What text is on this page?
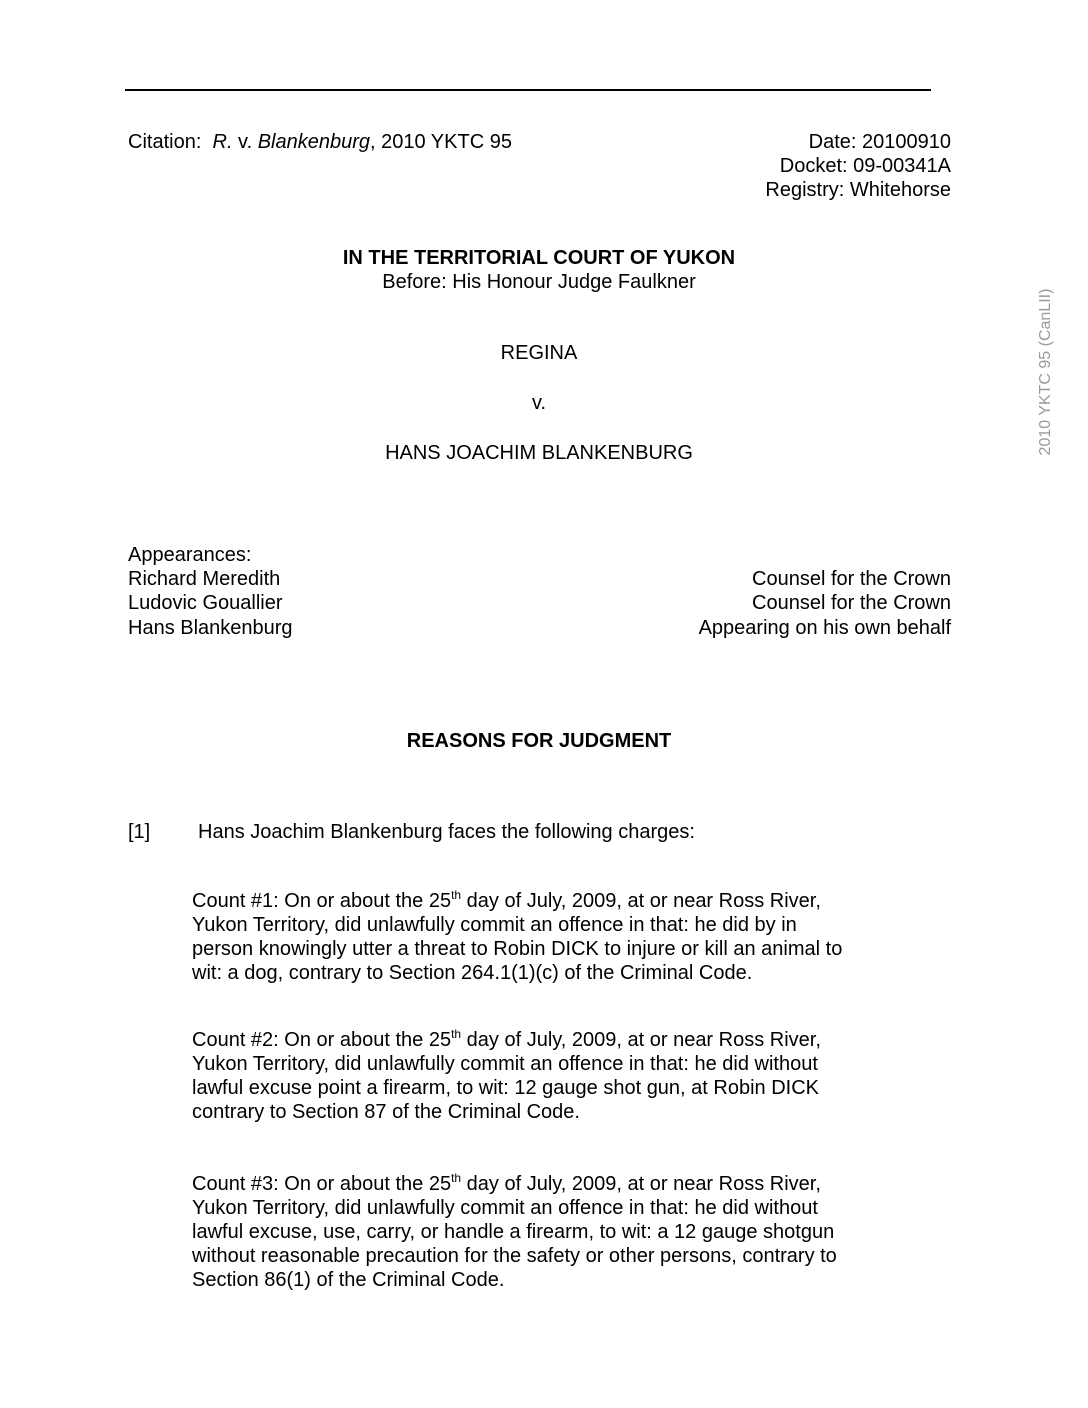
Citation: R. v. Blankenburg, 2010 YKTC 95	Date: 20100910
Docket: 09-00341A
Registry: Whitehorse
IN THE TERRITORIAL COURT OF YUKON
Before: His Honour Judge Faulkner
REGINA
v.
HANS JOACHIM BLANKENBURG
Appearances:
Richard Meredith	Counsel for the Crown
Ludovic Gouallier	Counsel for the Crown
Hans Blankenburg	Appearing on his own behalf
REASONS FOR JUDGMENT
[1] Hans Joachim Blankenburg faces the following charges:
Count #1: On or about the 25th day of July, 2009, at or near Ross River,
Yukon Territory, did unlawfully commit an offence in that: he did by in
person knowingly utter a threat to Robin DICK to injure or kill an animal to
wit: a dog, contrary to Section 264.1(1)(c) of the Criminal Code.
Count #2: On or about the 25th day of July, 2009, at or near Ross River,
Yukon Territory, did unlawfully commit an offence in that: he did without
lawful excuse point a firearm, to wit: 12 gauge shot gun, at Robin DICK
contrary to Section 87 of the Criminal Code.
Count #3: On or about the 25th day of July, 2009, at or near Ross River,
Yukon Territory, did unlawfully commit an offence in that: he did without
lawful excuse, use, carry, or handle a firearm, to wit: a 12 gauge shotgun
without reasonable precaution for the safety or other persons, contrary to
Section 86(1) of the Criminal Code.
2010 YKTC 95 (CanLII)
